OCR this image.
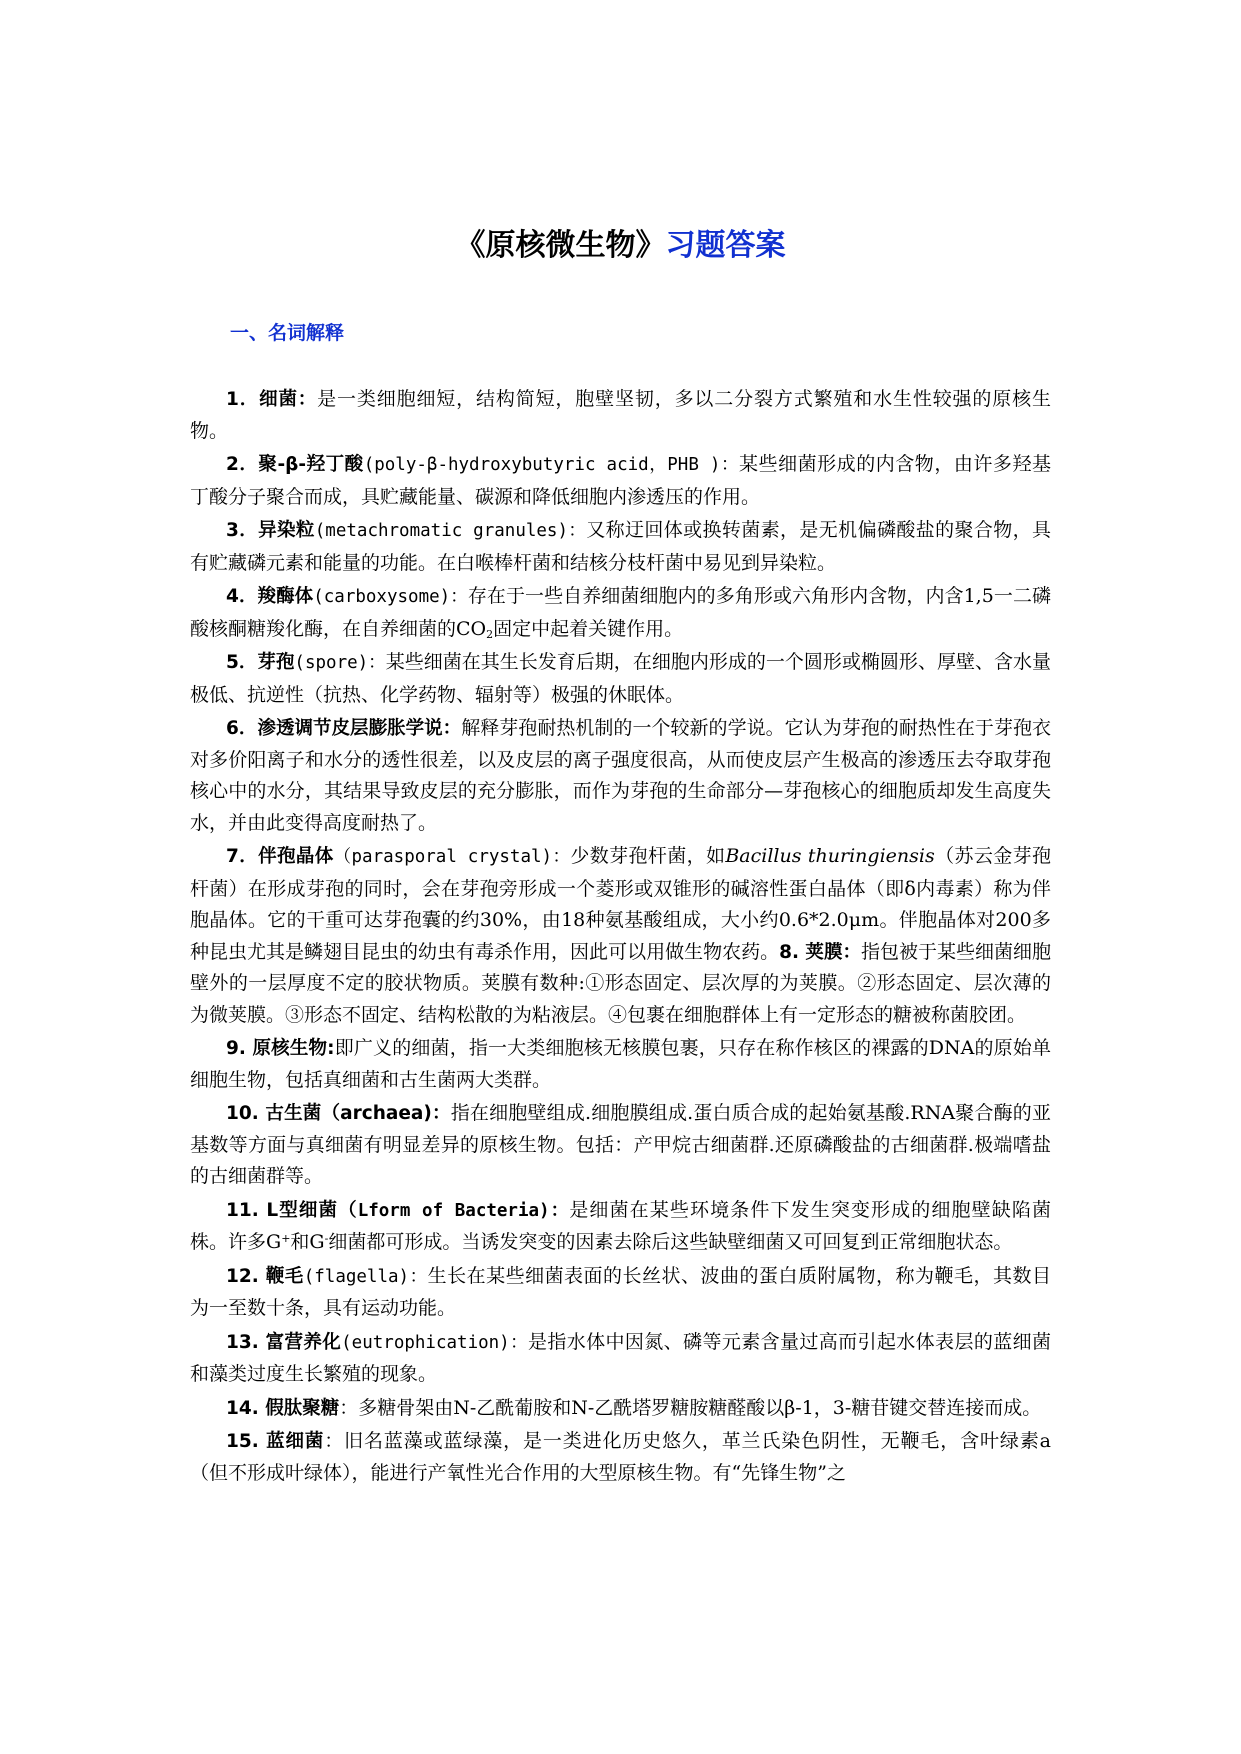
《原核微生物》习题答案
一、名词解释

1．细菌：是一类细胞细短，结构简短，胞壁坚韧，多以二分裂方式繁殖和水生性较强的原核生物。

2．聚-β-羟丁酸(poly-β-hydroxybutyric acid，PHB )：某些细菌形成的内含物，由许多羟基丁酸分子聚合而成，具贮藏能量、碳源和降低细胞内渗透压的作用。

3．异染粒(metachromatic granules)：又称迂回体或换转菌素，是无机偏磷酸盐的聚合物，具有贮藏磷元素和能量的功能。在白喉棒杆菌和结核分枝杆菌中易见到异染粒。

4．羧酶体(carboxysome)：存在于一些自养细菌细胞内的多角形或六角形内含物，内含1,5一二磷酸核酮糖羧化酶，在自养细菌的$CO_2$固定中起着关键作用。

5．芽孢(spore)：某些细菌在其生长发育后期，在细胞内形成的一个圆形或椭圆形、厚壁、含水量极低、抗逆性（抗热、化学药物、辐射等）极强的休眠体。

6．渗透调节皮层膨胀学说：解释芽孢耐热机制的一个较新的学说。它认为芽孢的耐热性在于芽孢衣对多价阳离子和水分的透性很差，以及皮层的离子强度很高，从而使皮层产生极高的渗透压去夺取芽孢核心中的水分，其结果导致皮层的充分膨胀，而作为芽孢的生命部分—芽孢核心的细胞质却发生高度失水，并由此变得高度耐热了。

7．伴孢晶体（parasporal crystal)：少数芽孢杆菌，如Bacillus thuringiensis（苏云金芽孢杆菌）在形成芽孢的同时，会在芽孢旁形成一个菱形或双锥形的碱溶性蛋白晶体（即δ内毒素）称为伴胞晶体。它的干重可达芽孢囊的约30%，由18种氨基酸组成，大小约0.6*2.0μm。伴胞晶体对200多种昆虫尤其是鳞翅目昆虫的幼虫有毒杀作用，因此可以用做生物农药。8. 荚膜：指包被于某些细菌细胞壁外的一层厚度不定的胶状物质。荚膜有数种:①形态固定、层次厚的为荚膜。②形态固定、层次薄的为微荚膜。③形态不固定、结构松散的为粘液层。④包裹在细胞群体上有一定形态的糖被称菌胶团。

9. 原核生物:即广义的细菌，指一大类细胞核无核膜包裹，只存在称作核区的裸露的DNA的原始单细胞生物，包括真细菌和古生菌两大类群。

10. 古生菌（archaea)：指在细胞壁组成.细胞膜组成.蛋白质合成的起始氨基酸.RNA聚合酶的亚基数等方面与真细菌有明显差异的原核生物。包括：产甲烷古细菌群.还原磷酸盐的古细菌群.极端嗜盐的古细菌群等。

11. L型细菌（Lform of Bacteria)：是细菌在某些环境条件下发生突变形成的细胞壁缺陷菌株。许多G+和G-细菌都可形成。当诱发突变的因素去除后这些缺壁细菌又可回复到正常细胞状态。

12. 鞭毛(flagella)：生长在某些细菌表面的长丝状、波曲的蛋白质附属物，称为鞭毛，其数目为一至数十条，具有运动功能。

13. 富营养化(eutrophication)：是指水体中因氮、磷等元素含量过高而引起水体表层的蓝细菌和藻类过度生长繁殖的现象。

14. 假肽聚糖：多糖骨架由N-乙酰葡胺和N-乙酰塔罗糖胺糖醛酸以β-1，3-糖苷键交替连接而成。

15. 蓝细菌：旧名蓝藻或蓝绿藻，是一类进化历史悠久，革兰氏染色阴性，无鞭毛，含叶绿素a（但不形成叶绿体），能进行产氧性光合作用的大型原核生物。有“先锋生物”之
